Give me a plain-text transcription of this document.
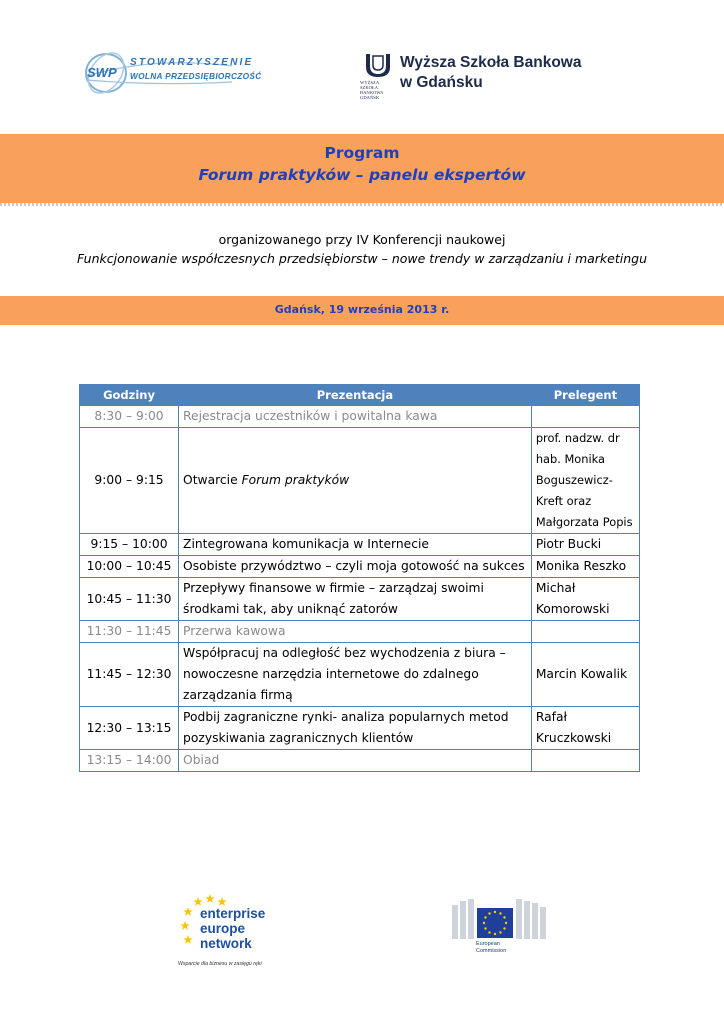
SWP
STOWARZYSZENIE
WOLNA PRZEDSIĘBIORCZOŚĆ
WYŻSZA SZKOŁA BANKOWA GDAŃSK
Wyższa Szkoła Bankowa
w Gdańsku
Program
Forum praktyków – panelu ekspertów
organizowanego przy IV Konferencji naukowej
Funkcjonowanie współczesnych przedsiębiorstw – nowe trendy w zarządzaniu i marketingu
Gdańsk, 19 września 2013 r.
Godziny	Prezentacja	Prelegent
8:30 – 9:00	Rejestracja uczestników i powitalna kawa	
9:00 – 9:15	Otwarcie Forum praktyków	prof. nadzw. dr hab. Monika Boguszewicz-Kreft oraz Małgorzata Popis
9:15 – 10:00	Zintegrowana komunikacja w Internecie	Piotr Bucki
10:00 – 10:45	Osobiste przywództwo – czyli moja gotowość na sukces	Monika Reszko
10:45 – 11:30	Przepływy finansowe w firmie – zarządzaj swoimi środkami tak, aby uniknąć zatorów	Michał Komorowski
11:30 – 11:45	Przerwa kawowa	
11:45 – 12:30	Współpracuj na odległość bez wychodzenia z biura – nowoczesne narzędzia internetowe do zdalnego zarządzania firmą	Marcin Kowalik
12:30 – 13:15	Podbij zagraniczne rynki- analiza popularnych metod pozyskiwania zagranicznych klientów	Rafał Kruczkowski
13:15 – 14:00	Obiad	
enterprise
europe
network
Wsparcie dla biznesu w zasięgu ręki
European
Commission
